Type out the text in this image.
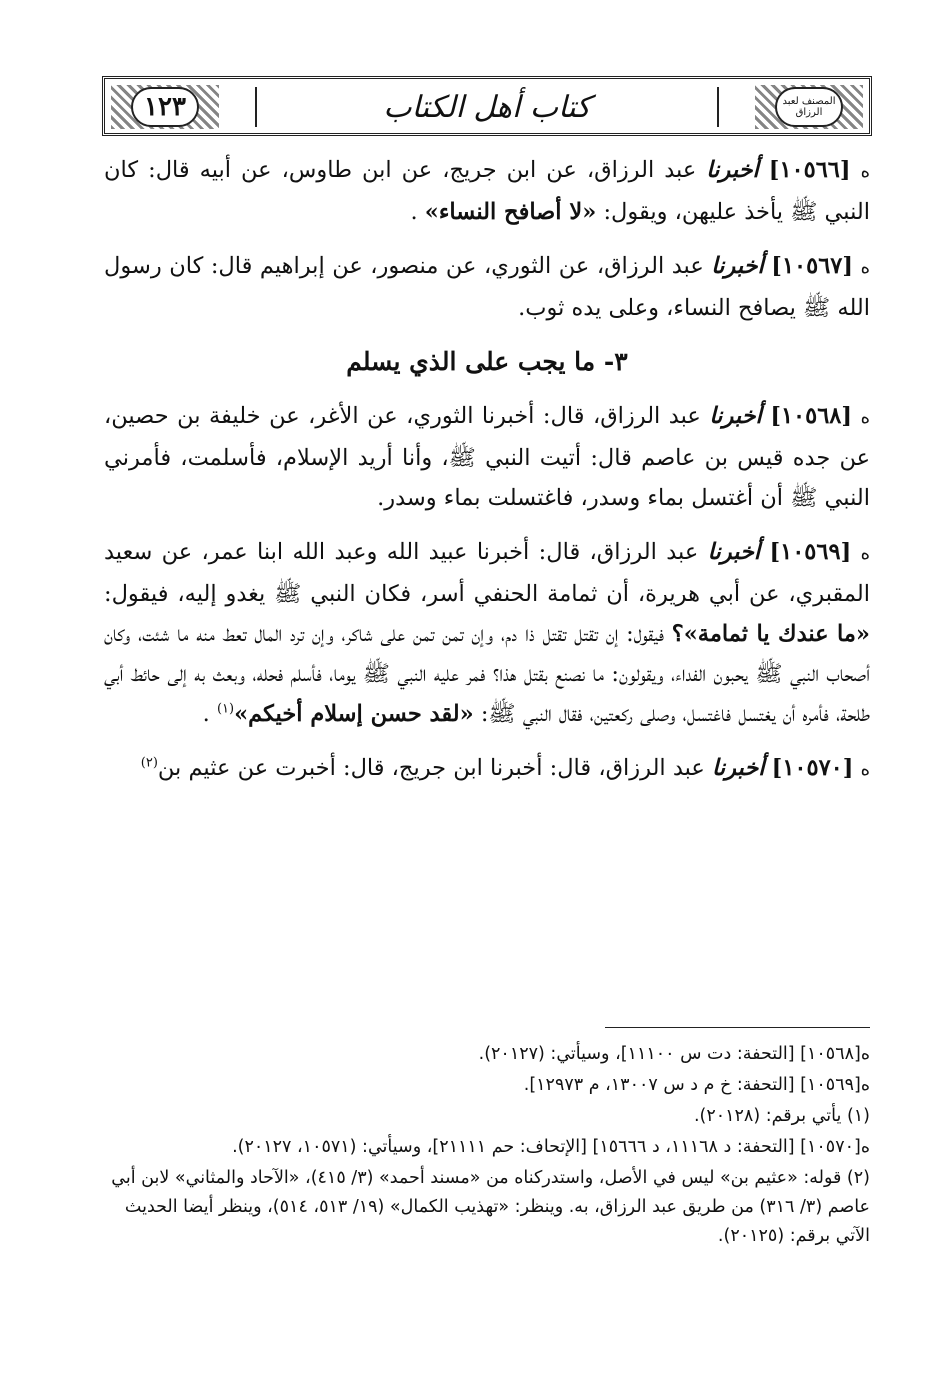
١٢٣	كتاب أهل الكتاب	المصنف لعبد الرزاق

ه [١٠٥٦٦] أخبرنا عبد الرزاق، عن ابن جريج، عن ابن طاوس، عن أبيه قال: كان النبي ﷺ يأخذ عليهن، ويقول: «لا أصافح النساء» .

ه [١٠٥٦٧] أخبرنا عبد الرزاق، عن الثوري، عن منصور، عن إبراهيم قال: كان رسول الله ﷺ يصافح النساء، وعلى يده ثوب.

٣- ما يجب على الذي يسلم

ه [١٠٥٦٨] أخبرنا عبد الرزاق، قال: أخبرنا الثوري، عن الأغر، عن خليفة بن حصين، عن جده قيس بن عاصم قال: أتيت النبي ﷺ، وأنا أريد الإسلام، فأسلمت، فأمرني النبي ﷺ أن أغتسل بماء وسدر، فاغتسلت بماء وسدر.

ه [١٠٥٦٩] أخبرنا عبد الرزاق، قال: أخبرنا عبيد الله وعبد الله ابنا عمر، عن سعيد المقبري، عن أبي هريرة، أن ثمامة الحنفي أسر، فكان النبي ﷺ يغدو إليه، فيقول: «ما عندك يا ثمامة»؟ فيقول: إن تقتل تقتل ذا دم، وإن تمن تمن على شاكر، وإن ترد المال تعط منه ما شئت، وكان أصحاب النبي ﷺ يحبون الفداء، ويقولون: ما نصنع بقتل هذا؟ فمر عليه النبي ﷺ يوما، فأسلم فحله، وبعث به إلى حائط أبي طلحة، فأمره أن يغتسل فاغتسل، وصلى ركعتين، فقال النبي ﷺ: «لقد حسن إسلام أخيكم»$^{(١)}$ .

ه [١٠٥٧٠] أخبرنا عبد الرزاق، قال: أخبرنا ابن جريج، قال: أخبرت عن عثيم بن$^{(٢)}$

ه[١٠٥٦٨] [التحفة: دت س ١١١٠٠]، وسيأتي: (٢٠١٢٧).

ه[١٠٥٦٩] [التحفة: خ م د س ١٣٠٠٧، م ١٢٩٧٣].

(١) يأتي برقم: (٢٠١٢٨).

ه[١٠٥٧٠] [التحفة: د ١١١٦٨، د ١٥٦٦٦] [الإتحاف: حم ٢١١١١]، وسيأتي: (١٠٥٧١، ٢٠١٢٧).

(٢) قوله: «عثيم بن» ليس في الأصل، واستدركناه من «مسند أحمد» (٣/ ٤١٥)، «الآحاد والمثاني» لابن أبي عاصم (٣/ ٣١٦) من طريق عبد الرزاق، به. وينظر: «تهذيب الكمال» (١٩/ ٥١٣، ٥١٤)، وينظر أيضا الحديث الآتي برقم: (٢٠١٢٥).
